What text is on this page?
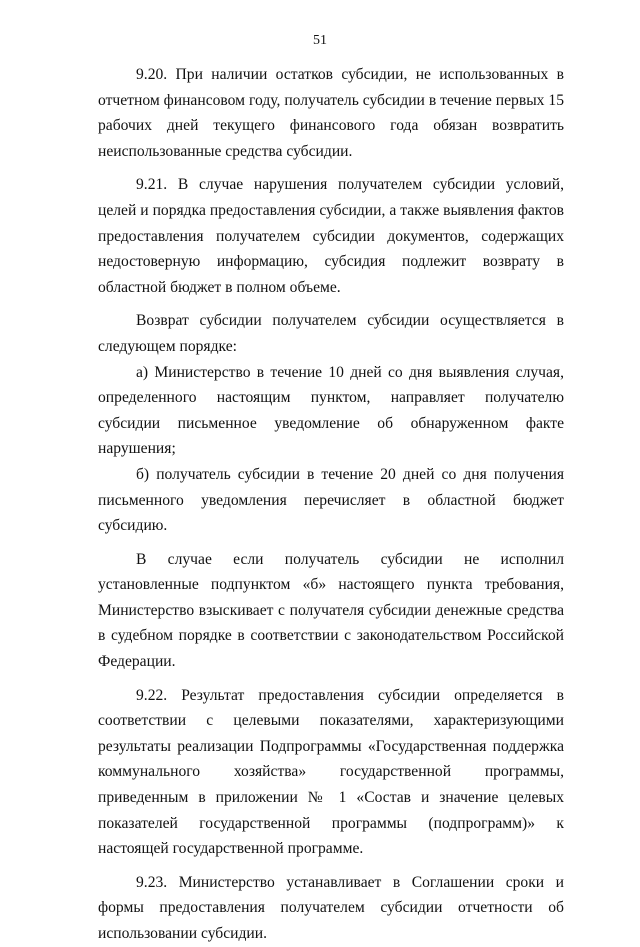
51

9.20. При наличии остатков субсидии, не использованных в отчетном финансовом году, получатель субсидии в течение первых 15 рабочих дней текущего финансового года обязан возвратить неиспользованные средства субсидии.

9.21. В случае нарушения получателем субсидии условий, целей и порядка предоставления субсидии, а также выявления фактов предоставления получателем субсидии документов, содержащих недостоверную информацию, субсидия подлежит возврату в областной бюджет в полном объеме.

Возврат субсидии получателем субсидии осуществляется в следующем порядке:

а) Министерство в течение 10 дней со дня выявления случая, определенного настоящим пунктом, направляет получателю субсидии письменное уведомление об обнаруженном факте нарушения;

б) получатель субсидии в течение 20 дней со дня получения письменного уведомления перечисляет в областной бюджет субсидию.

В случае если получатель субсидии не исполнил установленные подпунктом «б» настоящего пункта требования, Министерство взыскивает с получателя субсидии денежные средства в судебном порядке в соответствии с законодательством Российской Федерации.

9.22. Результат предоставления субсидии определяется в соответствии с целевыми показателями, характеризующими результаты реализации Подпрограммы «Государственная поддержка коммунального хозяйства» государственной программы, приведенным в приложении № 1 «Состав и значение целевых показателей государственной программы (подпрограмм)» к настоящей государственной программе.

9.23. Министерство устанавливает в Соглашении сроки и формы предоставления получателем субсидии отчетности об использовании субсидии.
